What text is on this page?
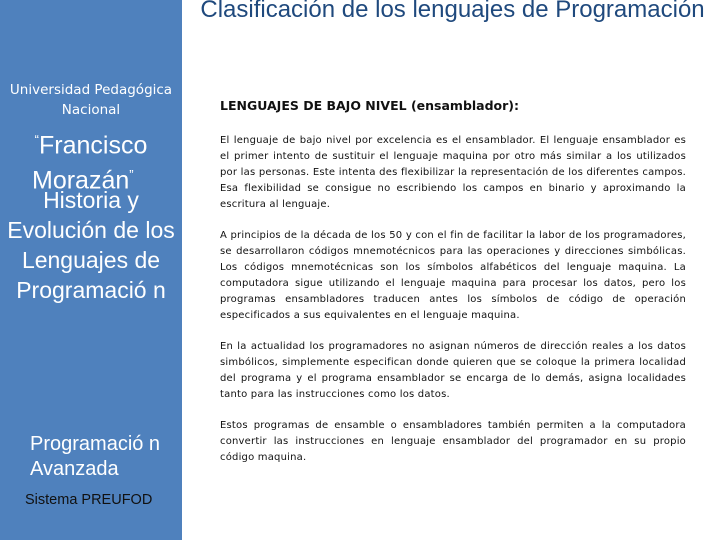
Universidad Pedagógica Nacional
“Francisco
Morazán”
Historia y Evolución de los Lenguajes de Programació n
Programació n Avanzada
Sistema PREUFOD
Clasificación de los lenguajes de Programación
LENGUAJES DE BAJO NIVEL (ensamblador):

El lenguaje de bajo nivel por excelencia es el ensamblador. El lenguaje ensamblador es el primer intento de sustituir el lenguaje maquina por otro más similar a los utilizados por las personas. Este intenta des flexibilizar la representación de los diferentes campos. Esa flexibilidad se consigue no escribiendo los campos en binario y aproximando la escritura al lenguaje.

A principios de la década de los 50 y con el fin de facilitar la labor de los programadores, se desarrollaron códigos mnemotécnicos para las operaciones y direcciones simbólicas. Los códigos mnemotécnicas son los símbolos alfabéticos del lenguaje maquina. La computadora sigue utilizando el lenguaje maquina para procesar los datos, pero los programas ensambladores traducen antes los símbolos de código de operación especificados a sus equivalentes en el lenguaje maquina.

En la actualidad los programadores no asignan números de dirección reales a los datos simbólicos, simplemente especifican donde quieren que se coloque la primera localidad del programa y el programa ensamblador se encarga de lo demás, asigna localidades tanto para las instrucciones como los datos.

Estos programas de ensamble o ensambladores también permiten a la computadora convertir las instrucciones en lenguaje ensamblador del programador en su propio código maquina.
